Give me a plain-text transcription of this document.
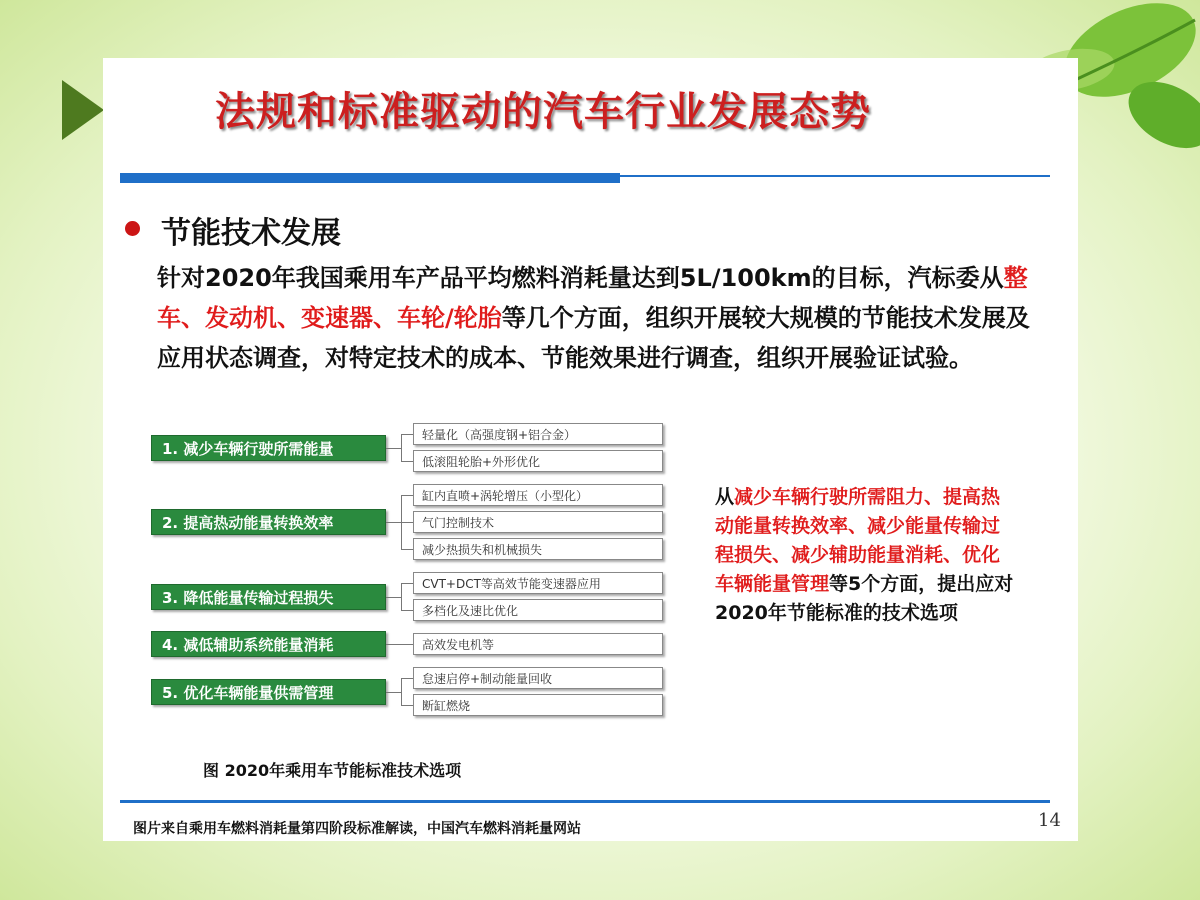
法规和标准驱动的汽车行业发展态势
节能技术发展
针对2020年我国乘用车产品平均燃料消耗量达到5L/100km的目标，汽标委从整车、发动机、变速器、车轮/轮胎等几个方面，组织开展较大规模的节能技术发展及应用状态调查，对特定技术的成本、节能效果进行调查，组织开展验证试验。
1. 减少车辆行驶所需能量
轻量化（高强度钢+铝合金）
低滚阻轮胎+外形优化
2. 提高热动能量转换效率
缸内直喷+涡轮增压（小型化）
气门控制技术
减少热损失和机械损失
3. 降低能量传输过程损失
CVT+DCT等高效节能变速器应用
多档化及速比优化
4. 减低辅助系统能量消耗	高效发电机等
5. 优化车辆能量供需管理
怠速启停+制动能量回收
断缸燃烧
图 2020年乘用车节能标准技术选项
从减少车辆行驶所需阻力、提高热动能量转换效率、减少能量传输过程损失、减少辅助能量消耗、优化车辆能量管理等5个方面，提出应对2020年节能标准的技术选项
图片来自乘用车燃料消耗量第四阶段标准解读，中国汽车燃料消耗量网站	14
